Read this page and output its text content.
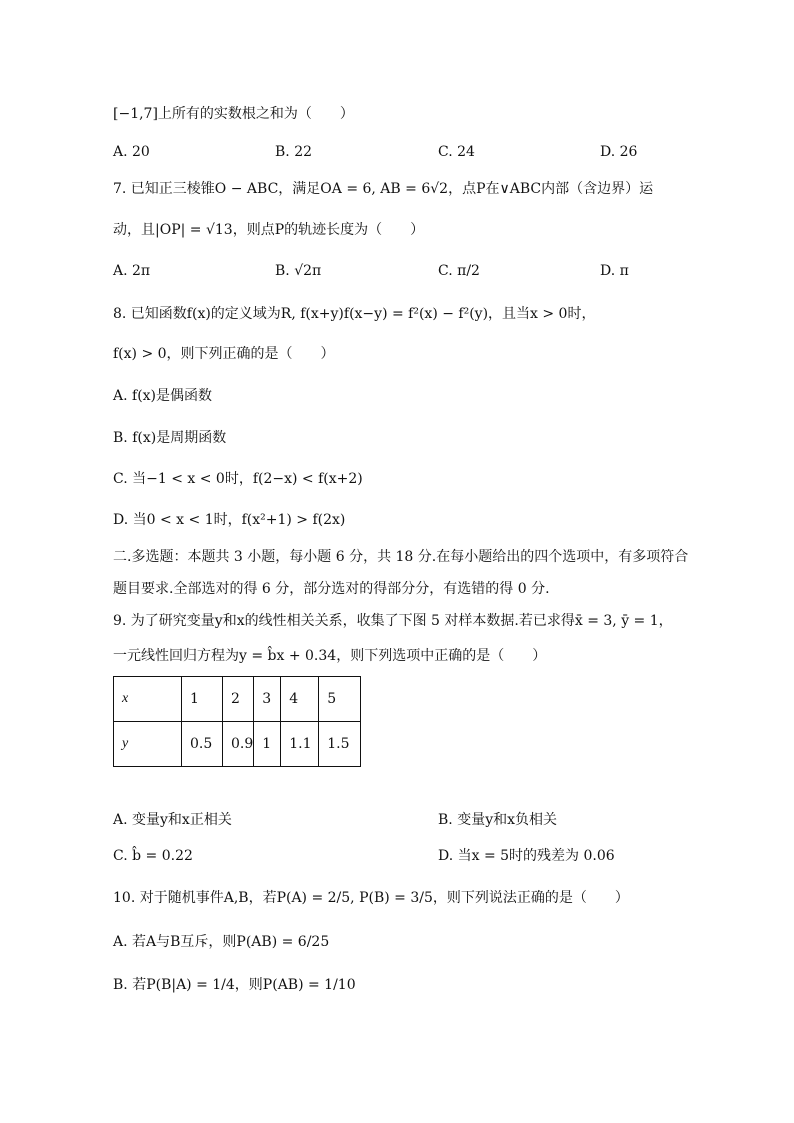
[−1,7]上所有的实数根之和为（　　）
A. 20	B. 22	C. 24	D. 26
7. 已知正三棱锥O − ABC，满足OA = 6, AB = 6√2，点P在∨ABC内部（含边界）运
动，且|OP| = √13，则点P的轨迹长度为（　　）
A. 2π	B. √2π	C. π/2	D. π
8. 已知函数f(x)的定义域为R, f(x+y)f(x−y) = f²(x) − f²(y)，且当x > 0时，
f(x) > 0，则下列正确的是（　　）
A. f(x)是偶函数
B. f(x)是周期函数
C. 当−1 < x < 0时，f(2−x) < f(x+2)
D. 当0 < x < 1时，f(x²+1) > f(2x)
二.多选题：本题共 3 小题，每小题 6 分，共 18 分.在每小题给出的四个选项中，有多项符合
题目要求.全部选对的得 6 分，部分选对的得部分分，有选错的得 0 分.
9. 为了研究变量y和x的线性相关关系，收集了下图 5 对样本数据.若已求得x̄ = 3, ȳ = 1，
一元线性回归方程为y = b̂x + 0.34，则下列选项中正确的是（　　）
x	1	2	3	4	5
y	0.5	0.9	1	1.1	1.5
A. 变量y和x正相关	B. 变量y和x负相关
C. b̂ = 0.22	D. 当x = 5时的残差为 0.06
10. 对于随机事件A,B，若P(A) = 2/5, P(B) = 3/5，则下列说法正确的是（　　）
A. 若A与B互斥，则P(AB) = 6/25
B. 若P(B|A) = 1/4，则P(AB) = 1/10
